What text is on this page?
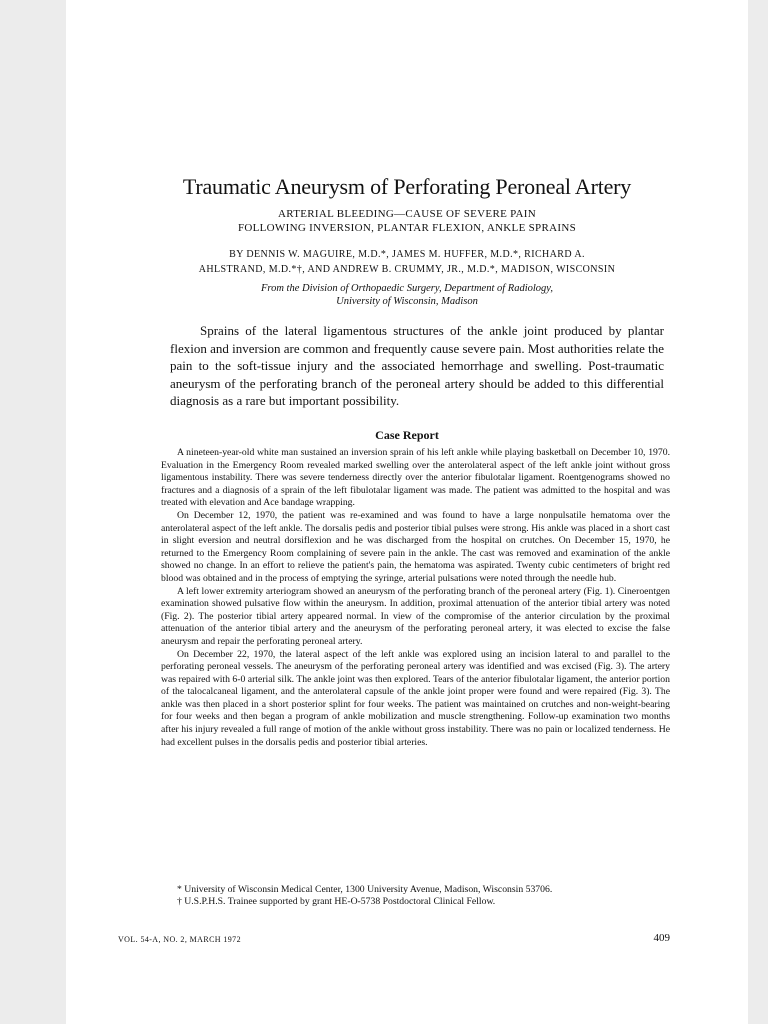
Traumatic Aneurysm of Perforating Peroneal Artery
ARTERIAL BLEEDING—CAUSE OF SEVERE PAIN
FOLLOWING INVERSION, PLANTAR FLEXION, ANKLE SPRAINS
BY DENNIS W. MAGUIRE, M.D.*, JAMES M. HUFFER, M.D.*, RICHARD A.
AHLSTRAND, M.D.*†, AND ANDREW B. CRUMMY, JR., M.D.*, MADISON, WISCONSIN
From the Division of Orthopaedic Surgery, Department of Radiology,
University of Wisconsin, Madison

Sprains of the lateral ligamentous structures of the ankle joint produced by plantar flexion and inversion are common and frequently cause severe pain. Most authorities relate the pain to the soft-tissue injury and the associated hemorrhage and swelling. Post-traumatic aneurysm of the perforating branch of the peroneal artery should be added to this differential diagnosis as a rare but important possibility.

Case Report

A nineteen-year-old white man sustained an inversion sprain of his left ankle while playing basketball on December 10, 1970. Evaluation in the Emergency Room revealed marked swelling over the anterolateral aspect of the left ankle joint without gross ligamentous instability. There was severe tenderness directly over the anterior fibulotalar ligament. Roentgenograms showed no fractures and a diagnosis of a sprain of the left fibulotalar ligament was made. The patient was admitted to the hospital and was treated with elevation and Ace bandage wrapping.

On December 12, 1970, the patient was re-examined and was found to have a large nonpulsatile hematoma over the anterolateral aspect of the left ankle. The dorsalis pedis and posterior tibial pulses were strong. His ankle was placed in a short cast in slight eversion and neutral dorsiflexion and he was discharged from the hospital on crutches. On December 15, 1970, he returned to the Emergency Room complaining of severe pain in the ankle. The cast was removed and examination of the ankle showed no change. In an effort to relieve the patient's pain, the hematoma was aspirated. Twenty cubic centimeters of bright red blood was obtained and in the process of emptying the syringe, arterial pulsations were noted through the needle hub.

A left lower extremity arteriogram showed an aneurysm of the perforating branch of the peroneal artery (Fig. 1). Cineroentgen examination showed pulsative flow within the aneurysm. In addition, proximal attenuation of the anterior tibial artery was noted (Fig. 2). The posterior tibial artery appeared normal. In view of the compromise of the anterior circulation by the proximal attenuation of the anterior tibial artery and the aneurysm of the perforating peroneal artery, it was elected to excise the false aneurysm and repair the perforating peroneal artery.

On December 22, 1970, the lateral aspect of the left ankle was explored using an incision lateral to and parallel to the perforating peroneal vessels. The aneurysm of the perforating peroneal artery was identified and was excised (Fig. 3). The artery was repaired with 6-0 arterial silk. The ankle joint was then explored. Tears of the anterior fibulotalar ligament, the anterior portion of the talocalcaneal ligament, and the anterolateral capsule of the ankle joint proper were found and were repaired (Fig. 3). The ankle was then placed in a short posterior splint for four weeks. The patient was maintained on crutches and non-weight-bearing for four weeks and then began a program of ankle mobilization and muscle strengthening. Follow-up examination two months after his injury revealed a full range of motion of the ankle without gross instability. There was no pain or localized tenderness. He had excellent pulses in the dorsalis pedis and posterior tibial arteries.

* University of Wisconsin Medical Center, 1300 University Avenue, Madison, Wisconsin 53706.

† U.S.P.H.S. Trainee supported by grant HE-O-5738 Postdoctoral Clinical Fellow.

VOL. 54-A, NO. 2, MARCH 1972	409
